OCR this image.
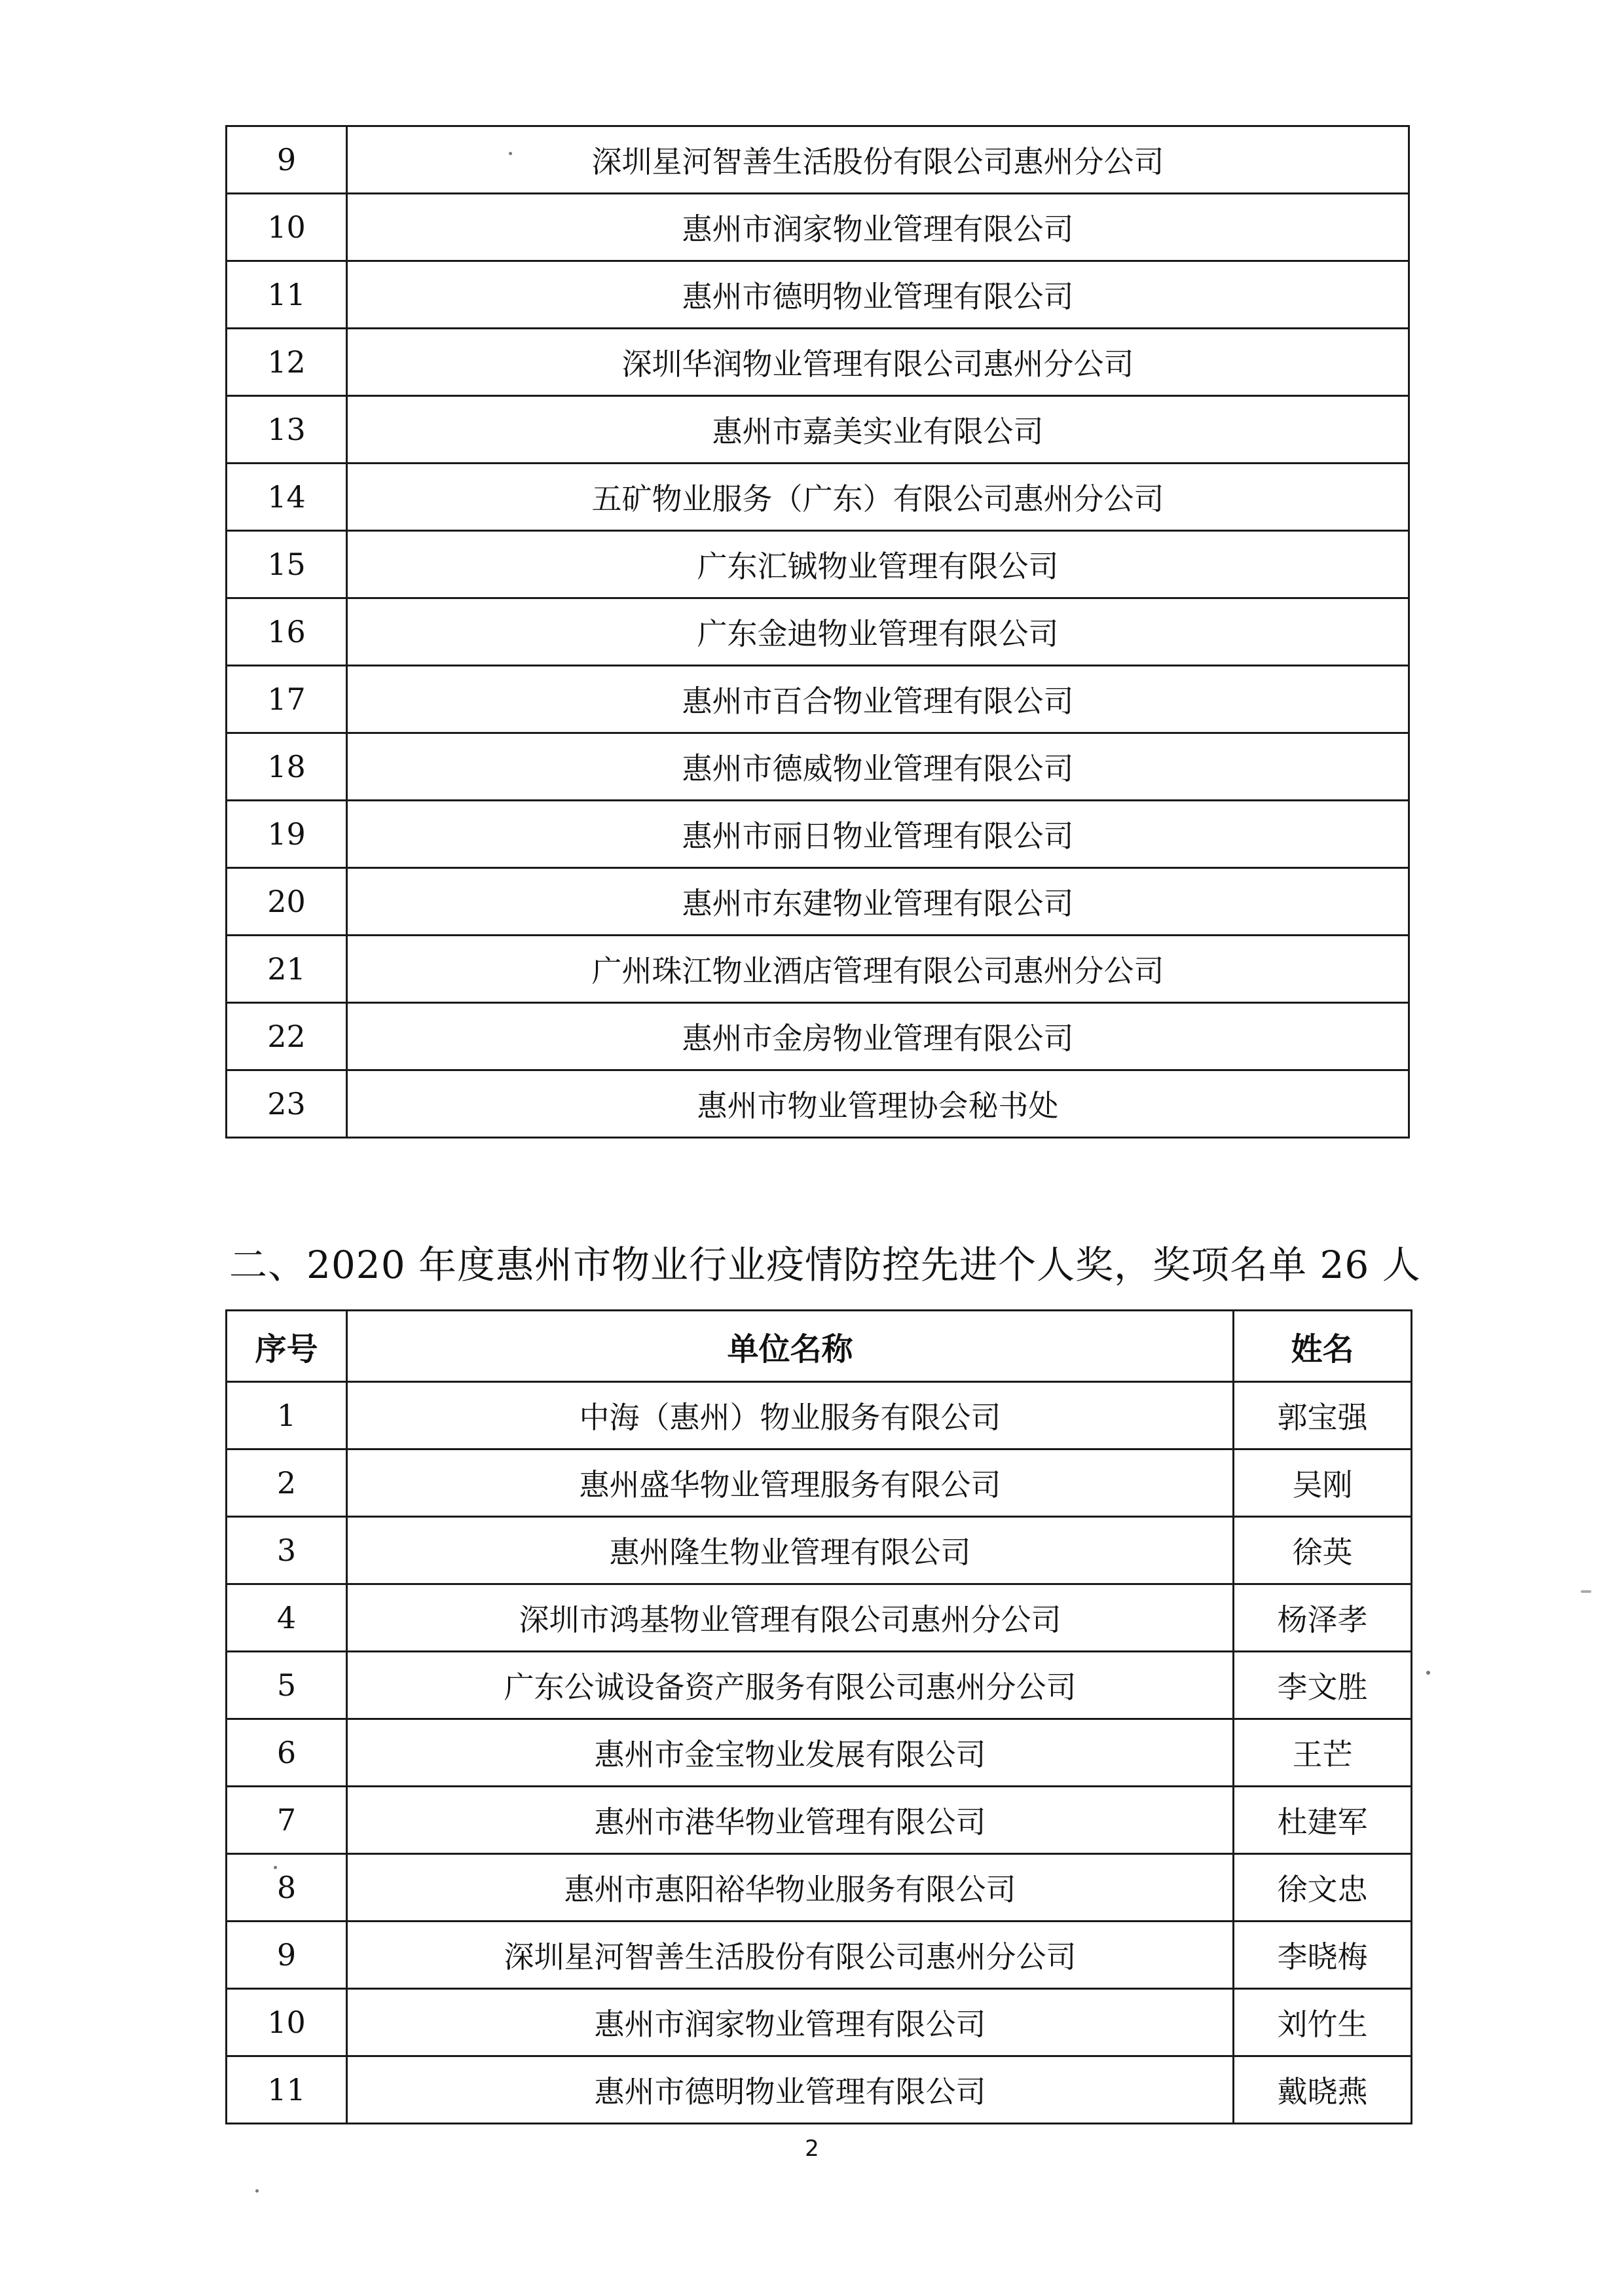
9	深圳星河智善生活股份有限公司惠州分公司
10	惠州市润家物业管理有限公司
11	惠州市德明物业管理有限公司
12	深圳华润物业管理有限公司惠州分公司
13	惠州市嘉美实业有限公司
14	五矿物业服务（广东）有限公司惠州分公司
15	广东汇铖物业管理有限公司
16	广东金迪物业管理有限公司
17	惠州市百合物业管理有限公司
18	惠州市德威物业管理有限公司
19	惠州市丽日物业管理有限公司
20	惠州市东建物业管理有限公司
21	广州珠江物业酒店管理有限公司惠州分公司
22	惠州市金房物业管理有限公司
23	惠州市物业管理协会秘书处
二、2020 年度惠州市物业行业疫情防控先进个人奖，奖项名单 26 人
序号	单位名称	姓名
1	中海（惠州）物业服务有限公司	郭宝强
2	惠州盛华物业管理服务有限公司	吴刚
3	惠州隆生物业管理有限公司	徐英
4	深圳市鸿基物业管理有限公司惠州分公司	杨泽孝
5	广东公诚设备资产服务有限公司惠州分公司	李文胜
6	惠州市金宝物业发展有限公司	王芒
7	惠州市港华物业管理有限公司	杜建军
8	惠州市惠阳裕华物业服务有限公司	徐文忠
9	深圳星河智善生活股份有限公司惠州分公司	李晓梅
10	惠州市润家物业管理有限公司	刘竹生
11	惠州市德明物业管理有限公司	戴晓燕
2
